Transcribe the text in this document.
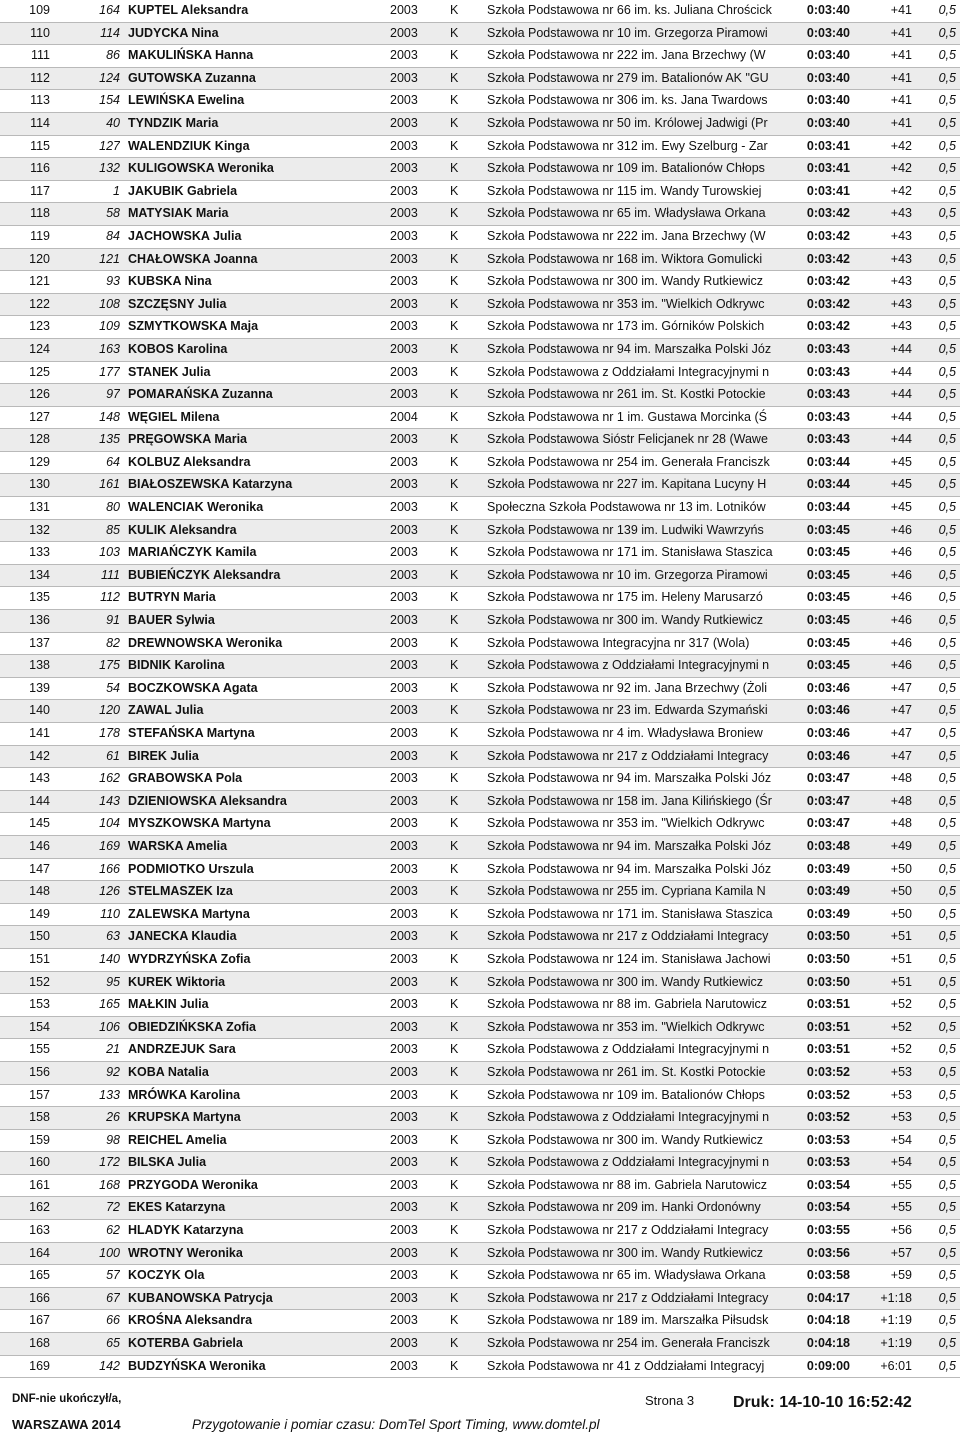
109	164 KUPTEL Aleksandra	2003	K	Szkoła Podstawowa nr 66 im. ks. Juliana Chrościck	0:03:40	+41	0,5
110	114 JUDYCKA Nina	2003	K	Szkoła Podstawowa nr 10 im. Grzegorza Piramowi	0:03:40	+41	0,5
111	86 MAKULIŃSKA Hanna	2003	K	Szkoła Podstawowa nr 222 im. Jana Brzechwy (W	0:03:40	+41	0,5
112	124 GUTOWSKA Zuzanna	2003	K	Szkoła Podstawowa nr 279 im. Batalionów AK "GU	0:03:40	+41	0,5
113	154 LEWIŃSKA Ewelina	2003	K	Szkoła Podstawowa nr 306 im. ks. Jana Twardows	0:03:40	+41	0,5
114	40 TYNDZIK Maria	2003	K	Szkoła Podstawowa nr 50 im. Królowej Jadwigi (Pr	0:03:40	+41	0,5
115	127 WALENDZIUK Kinga	2003	K	Szkoła Podstawowa nr 312 im. Ewy Szelburg - Zar	0:03:41	+42	0,5
116	132 KULIGOWSKA Weronika	2003	K	Szkoła Podstawowa nr 109 im. Batalionów Chłops	0:03:41	+42	0,5
117	1 JAKUBIK Gabriela	2003	K	Szkoła Podstawowa nr 115 im. Wandy Turowskiej	0:03:41	+42	0,5
118	58 MATYSIAK Maria	2003	K	Szkoła Podstawowa nr 65 im. Władysława Orkana	0:03:42	+43	0,5
119	84 JACHOWSKA Julia	2003	K	Szkoła Podstawowa nr 222 im. Jana Brzechwy (W	0:03:42	+43	0,5
120	121 CHAŁOWSKA Joanna	2003	K	Szkoła Podstawowa nr 168 im. Wiktora Gomulicki	0:03:42	+43	0,5
121	93 KUBSKA Nina	2003	K	Szkoła Podstawowa nr 300 im. Wandy Rutkiewicz	0:03:42	+43	0,5
122	108 SZCZĘSNY Julia	2003	K	Szkoła Podstawowa nr 353 im. "Wielkich Odkrywc	0:03:42	+43	0,5
123	109 SZMYTKOWSKA Maja	2003	K	Szkoła Podstawowa nr 173 im. Górników Polskich	0:03:42	+43	0,5
124	163 KOBOS Karolina	2003	K	Szkoła Podstawowa nr 94 im. Marszałka Polski Józ	0:03:43	+44	0,5
125	177 STANEK Julia	2003	K	Szkoła Podstawowa z Oddziałami Integracyjnymi n	0:03:43	+44	0,5
126	97 POMARAŃSKA Zuzanna	2003	K	Szkoła Podstawowa nr 261 im. St. Kostki Potockie	0:03:43	+44	0,5
127	148 WĘGIEL Milena	2004	K	Szkoła Podstawowa nr 1 im. Gustawa Morcinka (Ś	0:03:43	+44	0,5
128	135 PRĘGOWSKA Maria	2003	K	Szkoła Podstawowa Sióstr Felicjanek nr 28 (Wawe	0:03:43	+44	0,5
129	64 KOLBUZ Aleksandra	2003	K	Szkoła Podstawowa nr 254 im. Generała Franciszk	0:03:44	+45	0,5
130	161 BIAŁOSZEWSKA Katarzyna	2003	K	Szkoła Podstawowa nr 227 im. Kapitana Lucyny H	0:03:44	+45	0,5
131	80 WALENCIAK Weronika	2003	K	Społeczna Szkoła Podstawowa nr 13 im. Lotników	0:03:44	+45	0,5
132	85 KULIK Aleksandra	2003	K	Szkoła Podstawowa nr 139 im. Ludwiki Wawrzyńs	0:03:45	+46	0,5
133	103 MARIAŃCZYK Kamila	2003	K	Szkoła Podstawowa nr 171 im. Stanisława Staszica	0:03:45	+46	0,5
134	111 BUBIEŃCZYK Aleksandra	2003	K	Szkoła Podstawowa nr 10 im. Grzegorza Piramowi	0:03:45	+46	0,5
135	112 BUTRYN Maria	2003	K	Szkoła Podstawowa nr 175 im. Heleny Marusarzó	0:03:45	+46	0,5
136	91 BAUER Sylwia	2003	K	Szkoła Podstawowa nr 300 im. Wandy Rutkiewicz	0:03:45	+46	0,5
137	82 DREWNOWSKA Weronika	2003	K	Szkoła Podstawowa Integracyjna nr 317 (Wola)	0:03:45	+46	0,5
138	175 BIDNIK Karolina	2003	K	Szkoła Podstawowa z Oddziałami Integracyjnymi n	0:03:45	+46	0,5
139	54 BOCZKOWSKA Agata	2003	K	Szkoła Podstawowa nr 92 im. Jana Brzechwy (Żoli	0:03:46	+47	0,5
140	120 ZAWAL Julia	2003	K	Szkoła Podstawowa nr 23 im. Edwarda Szymański	0:03:46	+47	0,5
141	178 STEFAŃSKA Martyna	2003	K	Szkoła Podstawowa nr 4 im. Władysława Broniew	0:03:46	+47	0,5
142	61 BIREK Julia	2003	K	Szkoła Podstawowa nr 217 z Oddziałami Integracy	0:03:46	+47	0,5
143	162 GRABOWSKA Pola	2003	K	Szkoła Podstawowa nr 94 im. Marszałka Polski Józ	0:03:47	+48	0,5
144	143 DZIENIOWSKA Aleksandra	2003	K	Szkoła Podstawowa nr 158 im. Jana Kilińskiego (Śr	0:03:47	+48	0,5
145	104 MYSZKOWSKA Martyna	2003	K	Szkoła Podstawowa nr 353 im. "Wielkich Odkrywc	0:03:47	+48	0,5
146	169 WARSKA Amelia	2003	K	Szkoła Podstawowa nr 94 im. Marszałka Polski Józ	0:03:48	+49	0,5
147	166 PODMIOTKO Urszula	2003	K	Szkoła Podstawowa nr 94 im. Marszałka Polski Józ	0:03:49	+50	0,5
148	126 STELMASZEK Iza	2003	K	Szkoła Podstawowa nr 255 im. Cypriana Kamila N	0:03:49	+50	0,5
149	110 ZALEWSKA Martyna	2003	K	Szkoła Podstawowa nr 171 im. Stanisława Staszica	0:03:49	+50	0,5
150	63 JANECKA Klaudia	2003	K	Szkoła Podstawowa nr 217 z Oddziałami Integracy	0:03:50	+51	0,5
151	140 WYDRZYŃSKA Zofia	2003	K	Szkoła Podstawowa nr 124 im. Stanisława Jachowi	0:03:50	+51	0,5
152	95 KUREK Wiktoria	2003	K	Szkoła Podstawowa nr 300 im. Wandy Rutkiewicz	0:03:50	+51	0,5
153	165 MAŁKIN Julia	2003	K	Szkoła Podstawowa nr 88 im. Gabriela Narutowicz	0:03:51	+52	0,5
154	106 OBIEDZIŃKSKA Zofia	2003	K	Szkoła Podstawowa nr 353 im. "Wielkich Odkrywc	0:03:51	+52	0,5
155	21 ANDRZEJUK Sara	2003	K	Szkoła Podstawowa z Oddziałami Integracyjnymi n	0:03:51	+52	0,5
156	92 KOBA Natalia	2003	K	Szkoła Podstawowa nr 261 im. St. Kostki Potockie	0:03:52	+53	0,5
157	133 MRÓWKA Karolina	2003	K	Szkoła Podstawowa nr 109 im. Batalionów Chłops	0:03:52	+53	0,5
158	26 KRUPSKA Martyna	2003	K	Szkoła Podstawowa z Oddziałami Integracyjnymi n	0:03:52	+53	0,5
159	98 REICHEL Amelia	2003	K	Szkoła Podstawowa nr 300 im. Wandy Rutkiewicz	0:03:53	+54	0,5
160	172 BILSKA Julia	2003	K	Szkoła Podstawowa z Oddziałami Integracyjnymi n	0:03:53	+54	0,5
161	168 PRZYGODA Weronika	2003	K	Szkoła Podstawowa nr 88 im. Gabriela Narutowicz	0:03:54	+55	0,5
162	72 EKES Katarzyna	2003	K	Szkoła Podstawowa nr 209 im. Hanki Ordonówny	0:03:54	+55	0,5
163	62 HLADYK Katarzyna	2003	K	Szkoła Podstawowa nr 217 z Oddziałami Integracy	0:03:55	+56	0,5
164	100 WROTNY Weronika	2003	K	Szkoła Podstawowa nr 300 im. Wandy Rutkiewicz	0:03:56	+57	0,5
165	57 KOCZYK Ola	2003	K	Szkoła Podstawowa nr 65 im. Władysława Orkana	0:03:58	+59	0,5
166	67 KUBANOWSKA Patrycja	2003	K	Szkoła Podstawowa nr 217 z Oddziałami Integracy	0:04:17	+1:18	0,5
167	66 KROŚNA Aleksandra	2003	K	Szkoła Podstawowa nr 189 im. Marszałka Piłsudsk	0:04:18	+1:19	0,5
168	65 KOTERBA Gabriela	2003	K	Szkoła Podstawowa nr 254 im. Generała Franciszk	0:04:18	+1:19	0,5
169	142 BUDZYŃSKA Weronika	2003	K	Szkoła Podstawowa nr 41 z Oddziałami Integracyj	0:09:00	+6:01	0,5
DNF-nie ukończył/a,
WARSZAWA 2014
Strona 3 Druk: 14-10-10 16:52:42
Przygotowanie i pomiar czasu: DomTel Sport Timing, www.domtel.pl
